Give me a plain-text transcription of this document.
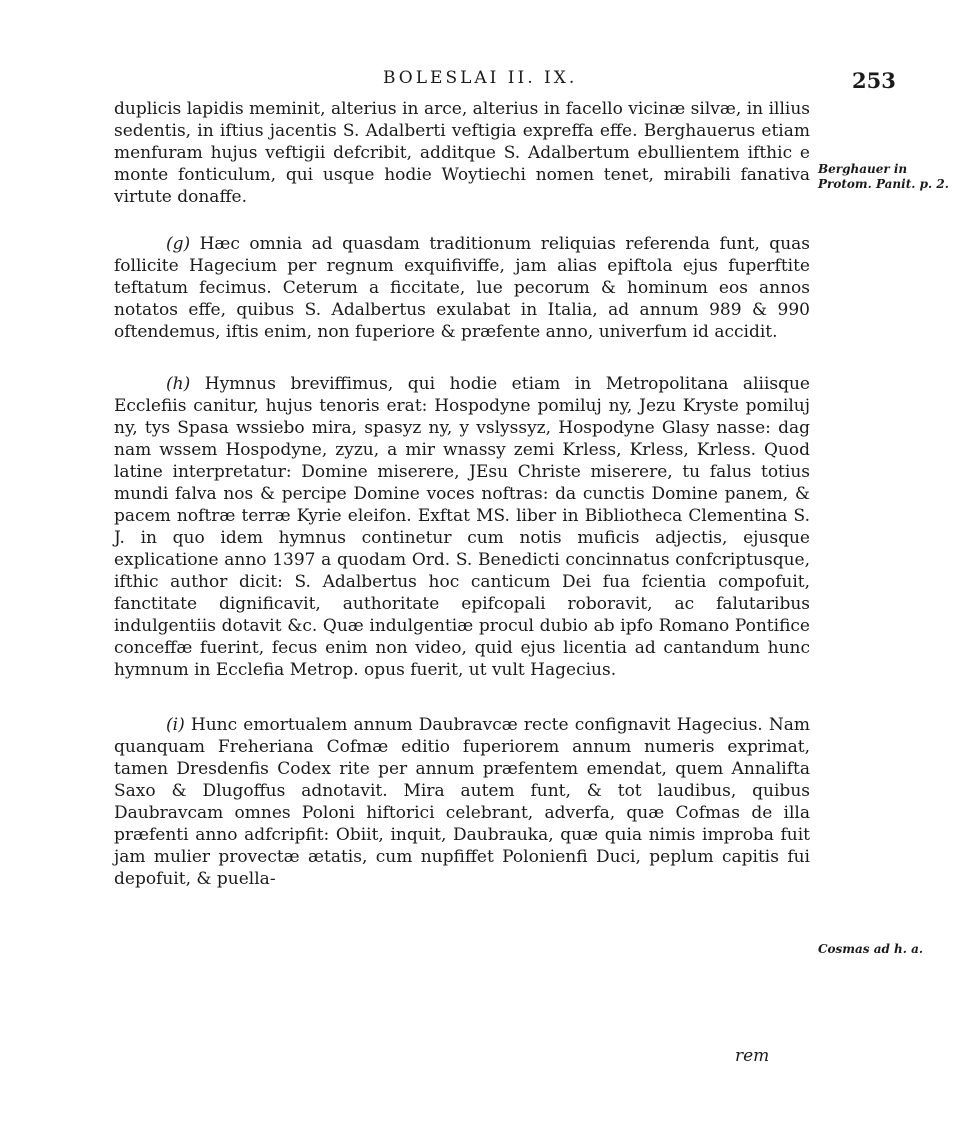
BOLESLAI II. IX.	253

duplicis lapidis meminit, alterius in arce, alterius in facello vicinæ silvæ, in illius sedentis, in iftius jacentis S. Adalberti veftigia expreffa effe. Berghauerus etiam menfuram hujus veftigii defcribit, additque S. Adalbertum ebullientem ifthic e monte fonticulum, qui usque hodie Woytiechi nomen tenet, mirabili fanativa virtute donaffe.

(g) Hæc omnia ad quasdam traditionum reliquias referenda funt, quas follicite Hagecium per regnum exquifiviffe, jam alias epiftola ejus fuperftite teftatum fecimus. Ceterum a ficcitate, lue pecorum & hominum eos annos notatos effe, quibus S. Adalbertus exulabat in Italia, ad annum 989 & 990 oftendemus, iftis enim, non fuperiore & præfente anno, univerfum id accidit.

(h) Hymnus breviffimus, qui hodie etiam in Metropolitana aliisque Ecclefiis canitur, hujus tenoris erat: Hospodyne pomiluj ny, Jezu Kryste pomiluj ny, tys Spasa wssiebo mira, spasyz ny, y vslyssyz, Hospodyne Glasy nasse: dag nam wssem Hospodyne, zyzu, a mir wnassy zemi Krless, Krless, Krless. Quod latine interpretatur: Domine miserere, JEsu Christe miserere, tu falus totius mundi falva nos & percipe Domine voces noftras: da cunctis Domine panem, & pacem noftræ terræ Kyrie eleifon. Exftat MS. liber in Bibliotheca Clementina S. J. in quo idem hymnus continetur cum notis muficis adjectis, ejusque explicatione anno 1397 a quodam Ord. S. Benedicti concinnatus confcriptusque, ifthic author dicit: S. Adalbertus hoc canticum Dei fua fcientia compofuit, fanctitate dignificavit, authoritate epifcopali roboravit, ac falutaribus indulgentiis dotavit &c. Quæ indulgentiæ procul dubio ab ipfo Romano Pontifice conceffæ fuerint, fecus enim non video, quid ejus licentia ad cantandum hunc hymnum in Ecclefia Metrop. opus fuerit, ut vult Hagecius.

(i) Hunc emortualem annum Daubravcæ recte confignavit Hagecius. Nam quanquam Freheriana Cofmæ editio fuperiorem annum numeris exprimat, tamen Dresdenfis Codex rite per annum præfentem emendat, quem Annalifta Saxo & Dlugoffus adnotavit. Mira autem funt, & tot laudibus, quibus Daubravcam omnes Poloni hiftorici celebrant, adverfa, quæ Cofmas de illa præfenti anno adfcripfit: Obiit, inquit, Daubrauka, quæ quia nimis improba fuit jam mulier provectæ ætatis, cum nupfiffet Polonienfi Duci, peplum capitis fui depofuit, & puella-

Berghauer in Protom. Panit. p. 2.
Cosmas ad h. a.
rem
